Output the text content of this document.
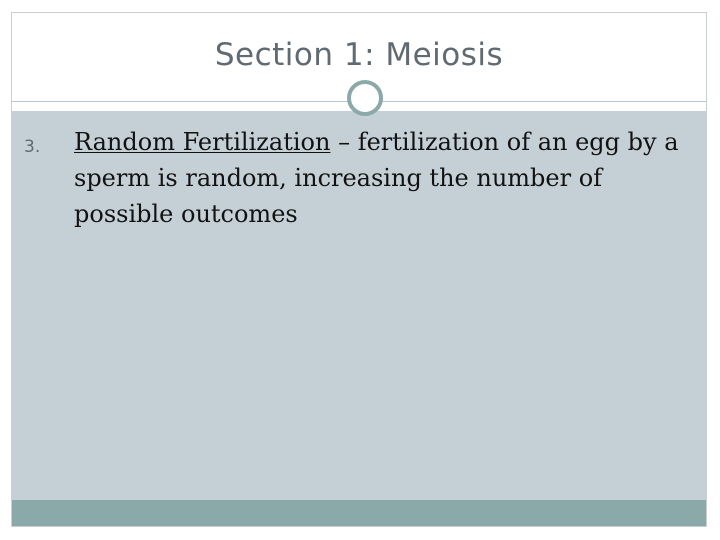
Section 1: Meiosis
3. Random Fertilization – fertilization of an egg by a sperm is random, increasing the number of possible outcomes
